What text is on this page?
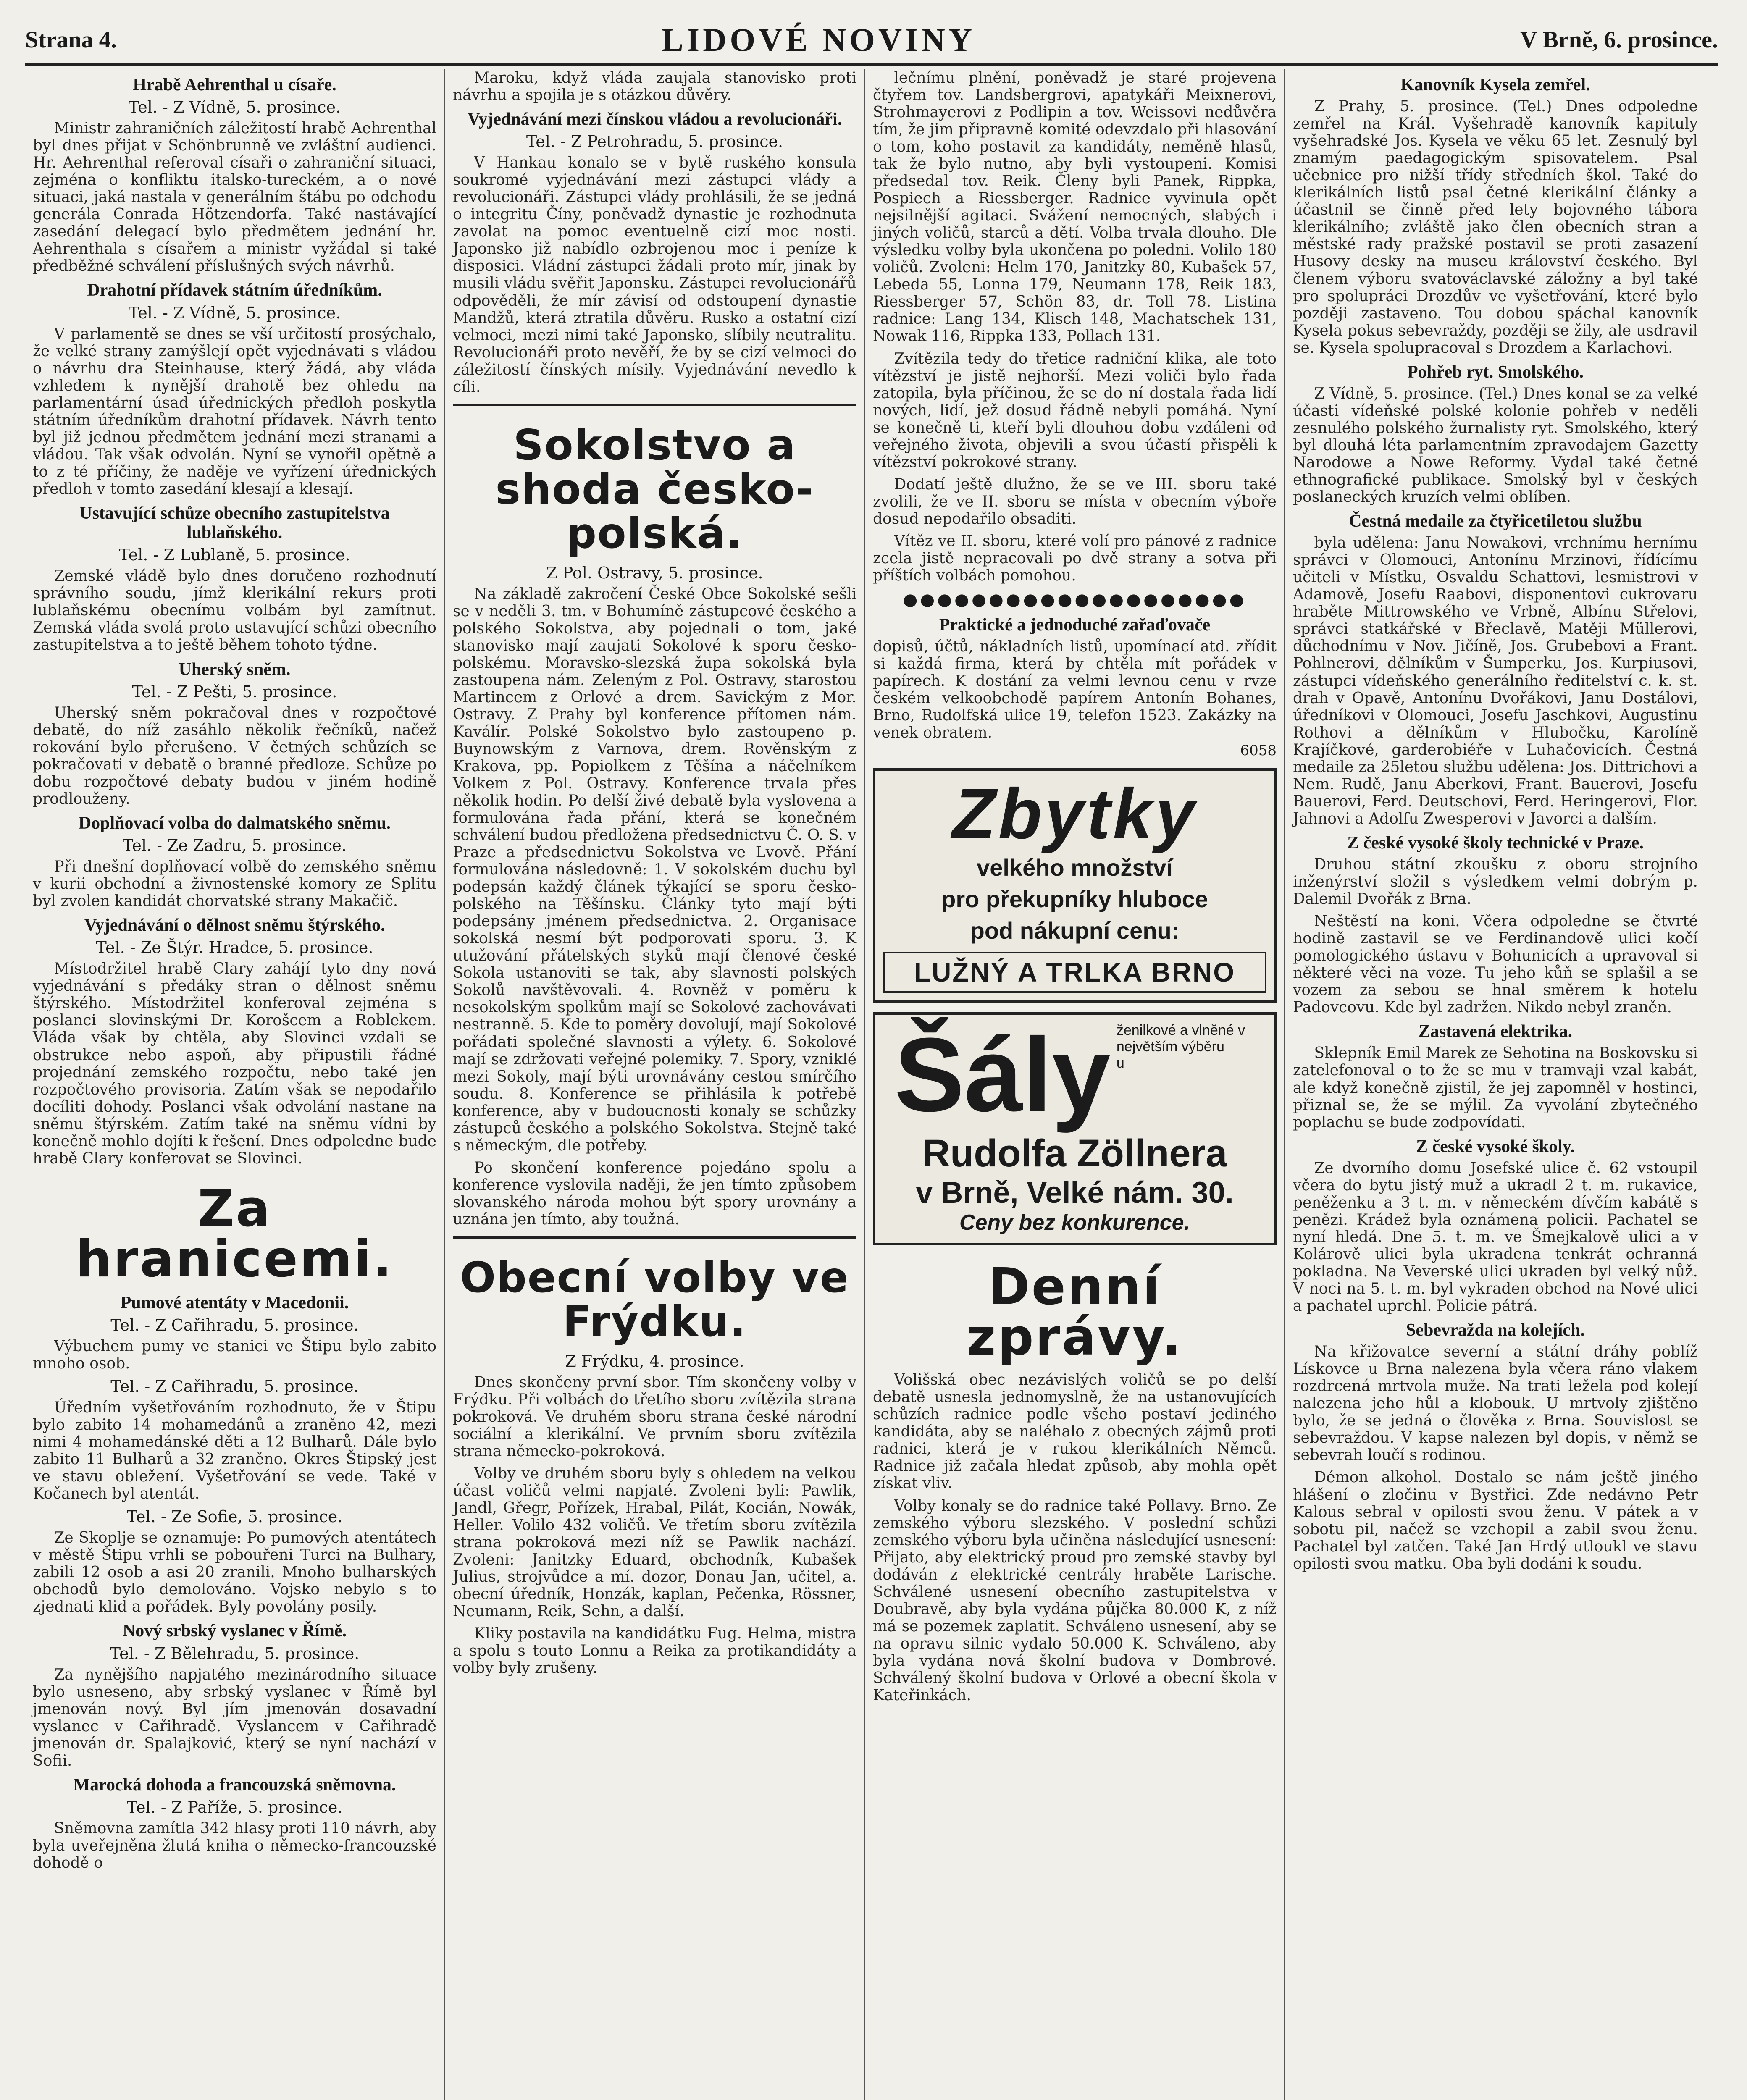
Strana 4.	LIDOVÉ NOVINY	V Brně, 6. prosince.
Hrabě Aehrenthal u císaře.
Tel. - Z Vídně, 5. prosince.

Ministr zahraničních záležitostí hrabě Aehrenthal byl dnes přijat v Schönbrunně ve zvláštní audienci. Hr. Aehrenthal referoval císaři o zahraniční situaci, zejména o konfliktu italsko-tureckém, a o nové situaci, jaká nastala v generálním štábu po odchodu generála Conrada Hötzendorfa. Také nastávající zasedání delegací bylo předmětem jednání hr. Aehrenthala s císařem a ministr vyžádal si také předběžné schválení příslušných svých návrhů.

Drahotní přídavek státním úředníkům.
Tel. - Z Vídně, 5. prosince.

V parlamentě se dnes se vší určitostí prosýchalo, že velké strany zamýšlejí opět vyjednávati s vládou o návrhu dra Steinhause, který žádá, aby vláda vzhledem k nynější drahotě bez ohledu na parlamentární úsad úřednických předloh poskytla státním úředníkům drahotní přídavek. Návrh tento byl již jednou předmětem jednání mezi stranami a vládou. Tak však odvolán. Nyní se vynořil opětně a to z té příčiny, že naděje ve vyřízení úřednických předloh v tomto zasedání klesají a klesají.

Ustavující schůze obecního zastupitelstva lublaňského.
Tel. - Z Lublaně, 5. prosince.

Zemské vládě bylo dnes doručeno rozhodnutí správního soudu, jímž klerikální rekurs proti lublaňskému obecnímu volbám byl zamítnut. Zemská vláda svolá proto ustavující schůzi obecního zastupitelstva a to ještě během tohoto týdne.

Uherský sněm.
Tel. - Z Pešti, 5. prosince.

Uherský sněm pokračoval dnes v rozpočtové debatě, do níž zasáhlo několik řečníků, načež rokování bylo přerušeno. V četných schůzích se pokračovati v debatě o branné předloze. Schůze po dobu rozpočtové debaty budou v jiném hodině prodlouženy.

Doplňovací volba do dalmatského sněmu.
Tel. - Ze Zadru, 5. prosince.

Při dnešní doplňovací volbě do zemského sněmu v kurii obchodní a živnostenské komory ze Splitu byl zvolen kandidát chorvatské strany Makačič.

Vyjednávání o dělnost sněmu štýrského.
Tel. - Ze Štýr. Hradce, 5. prosince.

Místodržitel hrabě Clary zahájí tyto dny nová vyjednávání s předáky stran o dělnost sněmu štýrského. Místodržitel konferoval zejména s poslanci slovinskými Dr. Korošcem a Roblekem. Vláda však by chtěla, aby Slovinci vzdali se obstrukce nebo aspoň, aby připustili řádné projednání zemského rozpočtu, nebo také jen rozpočtového provisoria. Zatím však se nepodařilo docíliti dohody. Poslanci však odvolání nastane na sněmu štýrském. Zatím také na sněmu vídni by konečně mohlo dojíti k řešení. Dnes odpoledne bude hrabě Clary konferovat se Slovinci.

Za hranicemi.
Pumové atentáty v Macedonii.
Tel. - Z Cařihradu, 5. prosince.

Výbuchem pumy ve stanici ve Štipu bylo zabito mnoho osob.

Tel. - Z Cařihradu, 5. prosince.

Úředním vyšetřováním rozhodnuto, že v Štipu bylo zabito 14 mohamedánů a zraněno 42, mezi nimi 4 mohamedánské děti a 12 Bulharů. Dále bylo zabito 11 Bulharů a 32 zraněno. Okres Štipský jest ve stavu obležení. Vyšetřování se vede. Také v Kočanech byl atentát.

Tel. - Ze Sofie, 5. prosince.

Ze Skoplje se oznamuje: Po pumových atentátech v městě Štipu vrhli se pobouřeni Turci na Bulhary, zabili 12 osob a asi 20 zranili. Mnoho bulharských obchodů bylo demolováno. Vojsko nebylo s to zjednati klid a pořádek. Byly povolány posily.

Nový srbský vyslanec v Římě.
Tel. - Z Bělehradu, 5. prosince.

Za nynějšího napjatého mezinárodního situace bylo usneseno, aby srbský vyslanec v Římě byl jmenován nový. Byl jím jmenován dosavadní vyslanec v Cařihradě. Vyslancem v Cařihradě jmenován dr. Spalajković, který se nyní nachází v Sofii.

Marocká dohoda a francouzská sněmovna.
Tel. - Z Paříže, 5. prosince.

Sněmovna zamítla 342 hlasy proti 110 návrh, aby byla uveřejněna žlutá kniha o německo-francouzské dohodě o

Maroku, když vláda zaujala stanovisko proti návrhu a spojila je s otázkou důvěry.

Vyjednávání mezi čínskou vládou a revolucionáři.
Tel. - Z Petrohradu, 5. prosince.

V Hankau konalo se v bytě ruského konsula soukromé vyjednávání mezi zástupci vlády a revolucionáři. Zástupci vlády prohlásili, že se jedná o integritu Číny, poněvadž dynastie je rozhodnuta zavolat na pomoc eventuelně cizí moc nosti. Japonsko již nabídlo ozbrojenou moc i peníze k disposici. Vládní zástupci žádali proto mír, jinak by musili vládu svěřit Japonsku. Zástupci revolucionářů odpověděli, že mír závisí od odstoupení dynastie Mandžů, která ztratila důvěru. Rusko a ostatní cizí velmoci, mezi nimi také Japonsko, slíbily neutralitu. Revolucionáři proto nevěří, že by se cizí velmoci do záležitostí čínských mísily. Vyjednávání nevedlo k cíli.

Sokolstvo a shoda česko-polská.
Z Pol. Ostravy, 5. prosince.

Na základě zakročení České Obce Sokolské sešli se v neděli 3. tm. v Bohumíně zástupcové českého a polského Sokolstva, aby pojednali o tom, jaké stanovisko mají zaujati Sokolové k sporu česko-polskému. Moravsko-slezská župa sokolská byla zastoupena nám. Zeleným z Pol. Ostravy, starostou Martincem z Orlové a drem. Savickým z Mor. Ostravy. Z Prahy byl konference přítomen nám. Kaválír. Polské Sokolstvo bylo zastoupeno p. Buynowským z Varnova, drem. Rověnským z Krakova, pp. Popiolkem z Těšína a náčelníkem Volkem z Pol. Ostravy. Konference trvala přes několik hodin. Po delší živé debatě byla vyslovena a formulována řada přání, která se konečném schválení budou předložena předsednictvu Č. O. S. v Praze a předsednictvu Sokolstva ve Lvově. Přání formulována následovně: 1. V sokolském duchu byl podepsán každý článek týkající se sporu česko-polského na Těšínsku. Články tyto mají býti podepsány jménem předsednictva. 2. Organisace sokolská nesmí být podporovati sporu. 3. K utužování přátelských styků mají členové české Sokola ustanoviti se tak, aby slavnosti polských Sokolů navštěvovali. 4. Rovněž v poměru k nesokolským spolkům mají se Sokolové zachovávati nestranně. 5. Kde to poměry dovolují, mají Sokolové pořádati společné slavnosti a výlety. 6. Sokolové mají se zdržovati veřejné polemiky. 7. Spory, vzniklé mezi Sokoly, mají býti urovnávány cestou smírčího soudu. 8. Konference se přihlásila k potřebě konference, aby v budoucnosti konaly se schůzky zástupců českého a polského Sokolstva. Stejně také s německým, dle potřeby.

Po skončení konference pojedáno spolu a konference vyslovila naději, že jen tímto způsobem slovanského národa mohou být spory urovnány a uznána jen tímto, aby toužná.

Obecní volby ve Frýdku.
Z Frýdku, 4. prosince.

Dnes skončeny první sbor. Tím skončeny volby v Frýdku. Při volbách do třetího sboru zvítězila strana pokroková. Ve druhém sboru strana české národní sociální a klerikální. Ve prvním sboru zvítězila strana německo-pokroková.

Volby ve druhém sboru byly s ohledem na velkou účast voličů velmi napjaté. Zvoleni byli: Pawlik, Jandl, Gřegr, Pořízek, Hrabal, Pilát, Kocián, Nowák, Heller. Volilo 432 voličů. Ve třetím sboru zvítězila strana pokroková mezi níž se Pawlik nachází. Zvoleni: Janitzky Eduard, obchodník, Kubašek Julius, strojvůdce a mí. dozor, Donau Jan, učitel, a. obecní úředník, Honzák, kaplan, Pečenka, Rössner, Neumann, Reik, Sehn, a další.

Kliky postavila na kandidátku Fug. Helma, mistra a spolu s touto Lonnu a Reika za protikandidáty a volby byly zrušeny.

lečnímu plnění, poněvadž je staré projevena čtyřem tov. Landsbergrovi, apatykáři Meixnerovi, Strohmayerovi z Podlipin a tov. Weissovi nedůvěra tím, že jim připravně komité odevzdalo při hlasování o tom, koho postavit za kandidáty, neměně hlasů, tak že bylo nutno, aby byli vystoupeni. Komisi předsedal tov. Reik. Členy byli Panek, Rippka, Pospiech a Riessberger. Radnice vyvinula opět nejsilnější agitaci. Svážení nemocných, slabých i jiných voličů, starců a dětí. Volba trvala dlouho. Dle výsledku volby byla ukončena po poledni. Volilo 180 voličů. Zvoleni: Helm 170, Janitzky 80, Kubašek 57, Lebeda 55, Lonna 179, Neumann 178, Reik 183, Riessberger 57, Schön 83, dr. Toll 78. Listina radnice: Lang 134, Klisch 148, Machatschek 131, Nowak 116, Rippka 133, Pollach 131.

Zvítězila tedy do třetice radniční klika, ale toto vítězství je jistě nejhorší. Mezi voliči bylo řada zatopila, byla příčinou, že se do ní dostala řada lidí nových, lidí, jež dosud řádně nebyli pomáhá. Nyní se konečně ti, kteří byli dlouhou dobu vzdáleni od veřejného života, objevili a svou účastí přispěli k vítězství pokrokové strany.

Dodatí ještě dlužno, že se ve III. sboru také zvolili, že ve II. sboru se místa v obecním výboře dosud nepodařilo obsaditi.

Vítěz ve II. sboru, které volí pro pánové z radnice zcela jistě nepracovali po dvě strany a sotva při příštích volbách pomohou.

●●●●●●●●●●●●●●●●●●●●
Praktické a jednoduché zařaďovače

dopisů, účtů, nákladních listů, upomínací atd. zřídit si každá firma, která by chtěla mít pořádek v papírech. K dostání za velmi levnou cenu v rvze českém velkoobchodě papírem Antonín Bohanes, Brno, Rudolfská ulice 19, telefon 1523. Zakázky na venek obratem.

6058
Zbytky
velkého množství
pro překupníky hluboce
pod nákupní cenu:
LUŽNÝ A TRLKA BRNO
Šály ženilkové a vlněné v největším výběru
u
Rudolfa Zöllnera
v Brně, Velké nám. 30.
Ceny bez konkurence.
Denní zprávy.

Volišská obec nezávislých voličů se po delší debatě usnesla jednomyslně, že na ustanovujících schůzích radnice podle všeho postaví jediného kandidáta, aby se naléhalo z obecných zájmů proti radnici, která je v rukou klerikálních Němců. Radnice již začala hledat způsob, aby mohla opět získat vliv.

Volby konaly se do radnice také Pollavy. Brno. Ze zemského výboru slezského. V poslední schůzi zemského výboru byla učiněna následující usnesení: Přijato, aby elektrický proud pro zemské stavby byl dodáván z elektrické centrály hraběte Larische. Schválené usnesení obecního zastupitelstva v Doubravě, aby byla vydána půjčka 80.000 K, z níž má se pozemek zaplatit. Schváleno usnesení, aby se na opravu silnic vydalo 50.000 K. Schváleno, aby byla vydána nová školní budova v Dombrové. Schválený školní budova v Orlové a obecní škola v Kateřinkách.

Kanovník Kysela zemřel.

Z Prahy, 5. prosince. (Tel.) Dnes odpoledne zemřel na Král. Vyšehradě kanovník kapituly vyšehradské Jos. Kysela ve věku 65 let. Zesnulý byl znamým paedagogickým spisovatelem. Psal učebnice pro nižší třídy středních škol. Také do klerikálních listů psal četné klerikální články a účastnil se činně před lety bojovného tábora klerikálního; zvláště jako člen obecních stran a městské rady pražské postavil se proti zasazení Husovy desky na museu království českého. Byl členem výboru svatováclavské záložny a byl také pro spolupráci Drozdův ve vyšetřování, které bylo později zastaveno. Tou dobou spáchal kanovník Kysela pokus sebevraždy, později se žily, ale usdravil se. Kysela spolupracoval s Drozdem a Karlachovi.

Pohřeb ryt. Smolského.

Z Vídně, 5. prosince. (Tel.) Dnes konal se za velké účasti vídeňské polské kolonie pohřeb v neděli zesnulého polského žurnalisty ryt. Smolského, který byl dlouhá léta parlamentním zpravodajem Gazetty Narodowe a Nowe Reformy. Vydal také četné ethnografické publikace. Smolský byl v českých poslaneckých kruzích velmi oblíben.

Čestná medaile za čtyřicetiletou službu

byla udělena: Janu Nowakovi, vrchnímu hernímu správci v Olomouci, Antonínu Mrzinovi, řídícímu učiteli v Místku, Osvaldu Schattovi, lesmistrovi v Adamově, Josefu Raabovi, disponentovi cukrovaru hraběte Mittrowského ve Vrbně, Albínu Střelovi, správci statkářské v Břeclavě, Matěji Müllerovi, důchodnímu v Nov. Jičíně, Jos. Grubebovi a Frant. Pohlnerovi, dělníkům v Šumperku, Jos. Kurpiusovi, zástupci vídeňského generálního ředitelství c. k. st. drah v Opavě, Antonínu Dvořákovi, Janu Dostálovi, úředníkovi v Olomouci, Josefu Jaschkovi, Augustinu Rothovi a dělníkům v Hlubočku, Karolíně Krajíčkové, garderobiéře v Luhačovicích. Čestná medaile za 25letou službu udělena: Jos. Dittrichovi a Nem. Rudě, Janu Aberkovi, Frant. Bauerovi, Josefu Bauerovi, Ferd. Deutschovi, Ferd. Heringerovi, Flor. Jahnovi a Adolfu Zwesperovi v Javorci a dalším.

Z české vysoké školy technické v Praze.

Druhou státní zkoušku z oboru strojního inženýrství složil s výsledkem velmi dobrým p. Dalemil Dvořák z Brna.

Neštěstí na koni. Včera odpoledne se čtvrté hodině zastavil se ve Ferdinandově ulici kočí pomologického ústavu v Bohunicích a upravoval si některé věci na voze. Tu jeho kůň se splašil a se vozem za sebou se hnal směrem k hotelu Padovcovu. Kde byl zadržen. Nikdo nebyl zraněn.

Zastavená elektrika.

Sklepník Emil Marek ze Sehotina na Boskovsku si zatelefonoval o to že se mu v tramvaji vzal kabát, ale když konečně zjistil, že jej zapomněl v hostinci, přiznal se, že se mýlil. Za vyvolání zbytečného poplachu se bude zodpovídati.

Z české vysoké školy.

Ze dvorního domu Josefské ulice č. 62 vstoupil včera do bytu jistý muž a ukradl 2 t. m. rukavice, peněženku a 3 t. m. v německém dívčím kabátě s penězi. Krádež byla oznámena policii. Pachatel se nyní hledá. Dne 5. t. m. ve Šmejkalově ulici a v Kolárově ulici byla ukradena tenkrát ochranná pokladna. Na Veverské ulici ukraden byl velký nůž. V noci na 5. t. m. byl vykraden obchod na Nové ulici a pachatel uprchl. Policie pátrá.

Sebevražda na kolejích.

Na křižovatce severní a státní dráhy poblíž Lískovce u Brna nalezena byla včera ráno vlakem rozdrcená mrtvola muže. Na trati ležela pod kolejí nalezena jeho hůl a klobouk. U mrtvoly zjištěno bylo, že se jedná o člověka z Brna. Souvislost se sebevraždou. V kapse nalezen byl dopis, v němž se sebevrah loučí s rodinou.

Démon alkohol. Dostalo se nám ještě jiného hlášení o zločinu v Bystřici. Zde nedávno Petr Kalous sebral v opilosti svou ženu. V pátek a v sobotu pil, načež se vzchopil a zabil svou ženu. Pachatel byl zatčen. Také Jan Hrdý utloukl ve stavu opilosti svou matku. Oba byli dodáni k soudu.
